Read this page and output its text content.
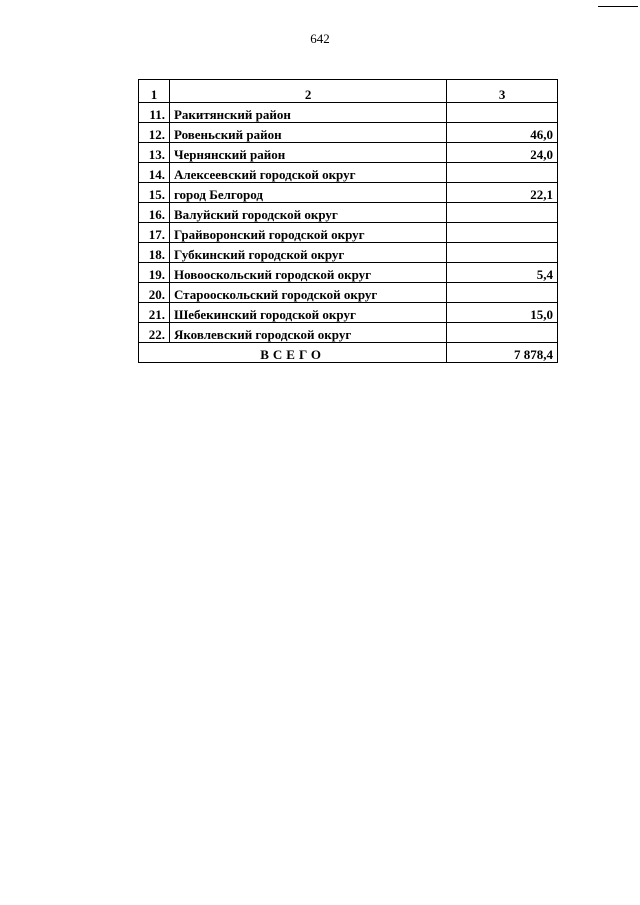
642
1	2	3
11.	Ракитянский район	
12.	Ровеньский район	46,0
13.	Чернянский район	24,0
14.	Алексеевский городской округ	
15.	город Белгород	22,1
16.	Валуйский городской округ	
17.	Грайворонский городской округ	
18.	Губкинский городской округ	
19.	Новооскольский городской округ	5,4
20.	Старооскольский городской округ	
21.	Шебекинский городской округ	15,0
22.	Яковлевский городской округ	
ВСЕГО		7 878,4
